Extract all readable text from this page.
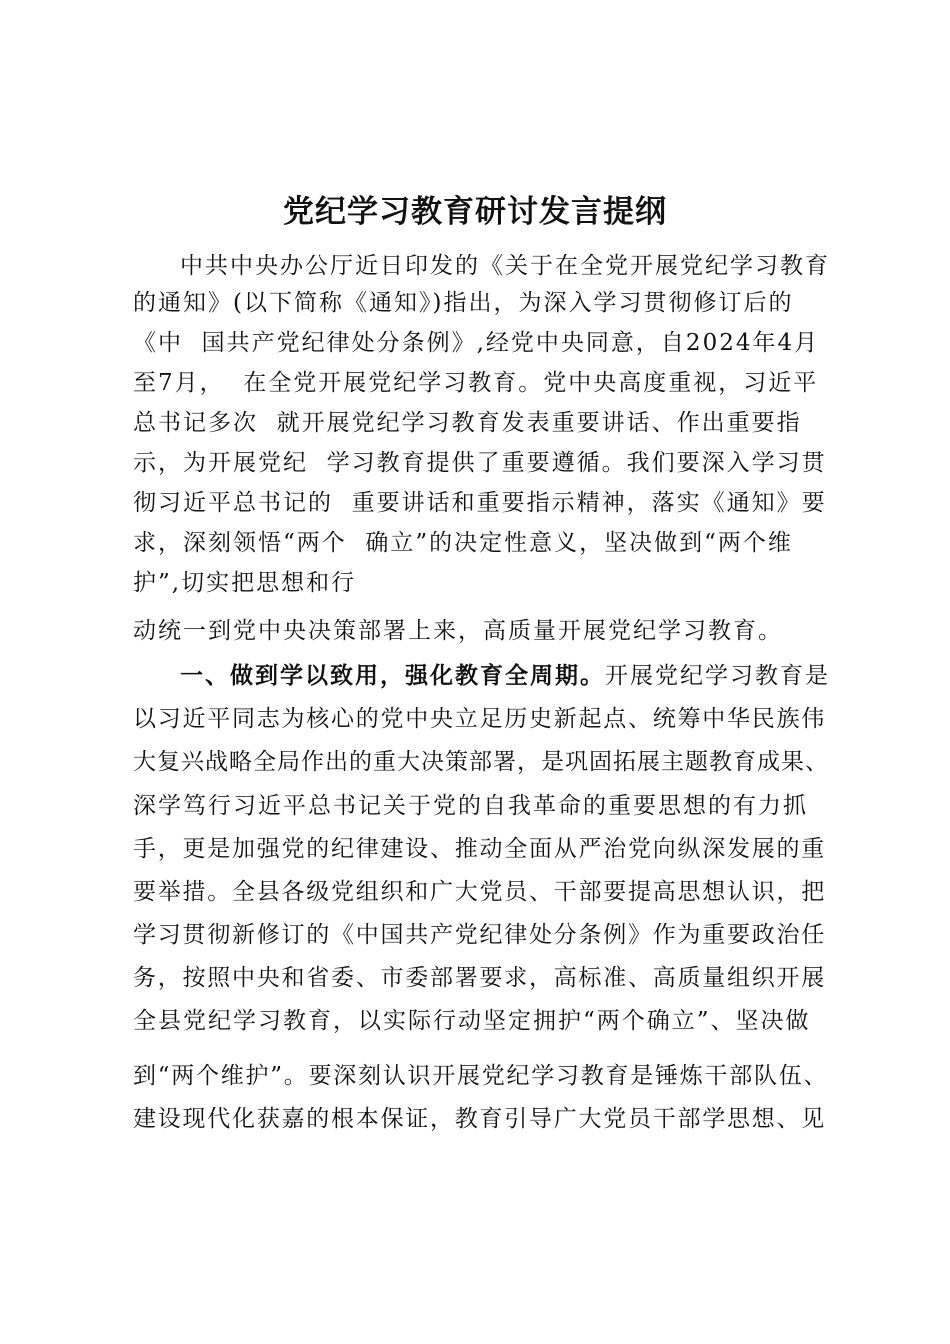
党纪学习教育研讨发言提纲
中共中央办公厅近日印发的《关于在全党开展党纪学习教育
的通知》(以下简称《通知》)指出，为深入学习贯彻修订后的
《中  国共产党纪律处分条例》,经党中央同意，自2024年4月
至7月，  在全党开展党纪学习教育。党中央高度重视，习近平
总书记多次  就开展党纪学习教育发表重要讲话、作出重要指
示，为开展党纪  学习教育提供了重要遵循。我们要深入学习贯
彻习近平总书记的  重要讲话和重要指示精神，落实《通知》要
求，深刻领悟“两个  确立”的决定性意义，坚决做到“两个维
护”,切实把思想和行
动统一到党中央决策部署上来，高质量开展党纪学习教育。
一、做到学以致用，强化教育全周期。开展党纪学习教育是
以习近平同志为核心的党中央立足历史新起点、统筹中华民族伟
大复兴战略全局作出的重大决策部署，是巩固拓展主题教育成果、
深学笃行习近平总书记关于党的自我革命的重要思想的有力抓
手，更是加强党的纪律建设、推动全面从严治党向纵深发展的重
要举措。全县各级党组织和广大党员、干部要提高思想认识，把
学习贯彻新修订的《中国共产党纪律处分条例》作为重要政治任
务，按照中央和省委、市委部署要求，高标准、高质量组织开展
全县党纪学习教育，以实际行动坚定拥护“两个确立”、坚决做
到“两个维护”。要深刻认识开展党纪学习教育是锤炼干部队伍、
建设现代化获嘉的根本保证，教育引导广大党员干部学思想、见
